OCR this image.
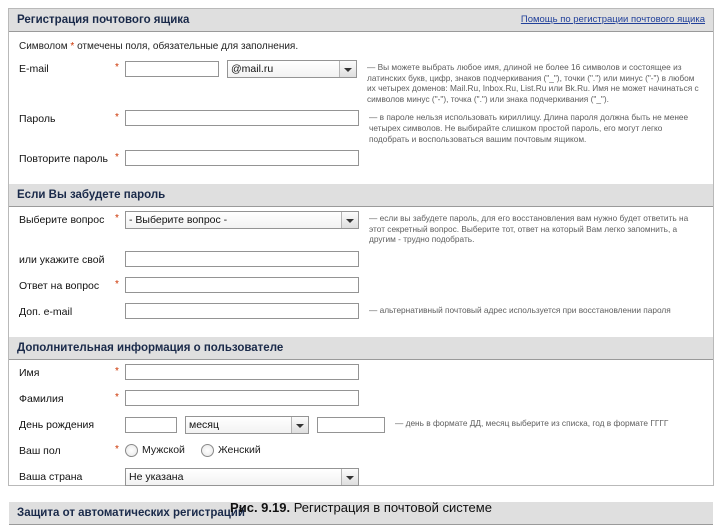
Регистрация почтового ящика	Помощь по регистрации почтового ящика
Символом * отмечены поля, обязательные для заполнения.
E-mail	*	@mail.ru	— Вы можете выбрать любое имя, длиной не более 16 символов и состоящее из латинских букв, цифр, знаков подчеркивания ("_"), точки (".") или минус ("-") в любом их четырех доменов: Mail.Ru, Inbox.Ru, List.Ru или Bk.Ru. Имя не может начинаться с символов минус ("-"), точка (".") или знака подчеркивания ("_").
Пароль	*	— в пароле нельзя использовать кириллицу. Длина пароля должна быть не менее четырех символов. Не выбирайте слишком простой пароль, его могут легко подобрать и воспользоваться вашим почтовым ящиком.
Повторите пароль *
Если Вы забудете пароль
Выберите вопрос	* - Выберите вопрос -	— если вы забудете пароль, для его восстановления вам нужно будет ответить на этот секретный вопрос. Выберите тот, ответ на который Вам легко запомнить, а другим - трудно подобрать.
или укажите свой
Ответ на вопрос	*
Доп. e-mail	— альтернативный почтовый адрес используется при восстановлении пароля
Дополнительная информация о пользователе
Имя	*
Фамилия	*
День рождения	месяц	— день в формате ДД, месяц выберите из списка, год в формате ГГГГ
Ваш пол	*	Мужской	Женский
Ваша страна	Не указана
Защита от автоматических регистраций
Рис. 9.19. Регистрация в почтовой системе
